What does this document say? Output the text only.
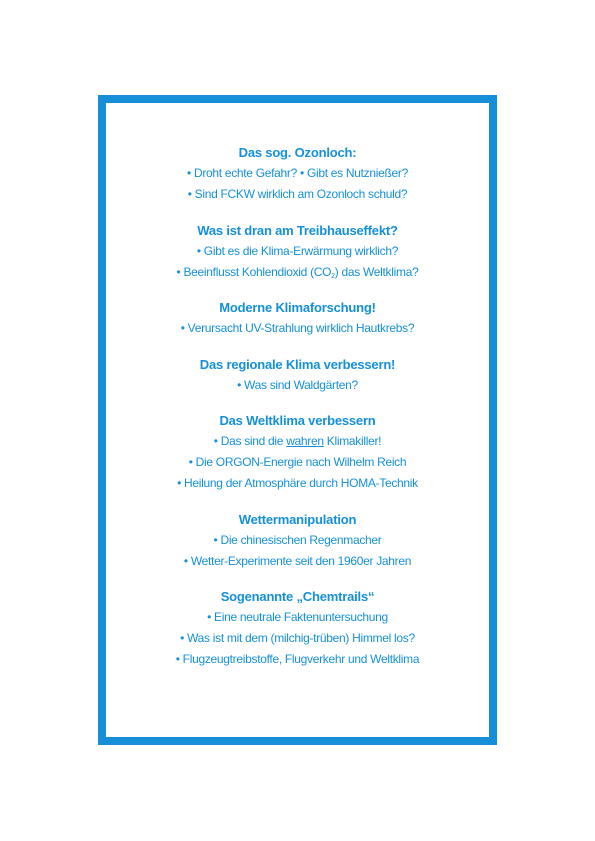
Das sog. Ozonloch:
• Droht echte Gefahr? • Gibt es Nutznießer?
• Sind FCKW wirklich am Ozonloch schuld?
Was ist dran am Treibhauseffekt?
• Gibt es die Klima-Erwärmung wirklich?
• Beeinflusst Kohlendioxid $(CO_2)$ das Weltklima?
Moderne Klimaforschung!
• Verursacht UV-Strahlung wirklich Hautkrebs?
Das regionale Klima verbessern!
• Was sind Waldgärten?
Das Weltklima verbessern
• Das sind die wahren Klimakiller!
• Die ORGON-Energie nach Wilhelm Reich
• Heilung der Atmosphäre durch HOMA-Technik
Wettermanipulation
• Die chinesischen Regenmacher
• Wetter-Experimente seit den 1960er Jahren
Sogenannte „Chemtrails“
• Eine neutrale Faktenuntersuchung
• Was ist mit dem (milchig-trüben) Himmel los?
• Flugzeugtreibstoffe, Flugverkehr und Weltklima
